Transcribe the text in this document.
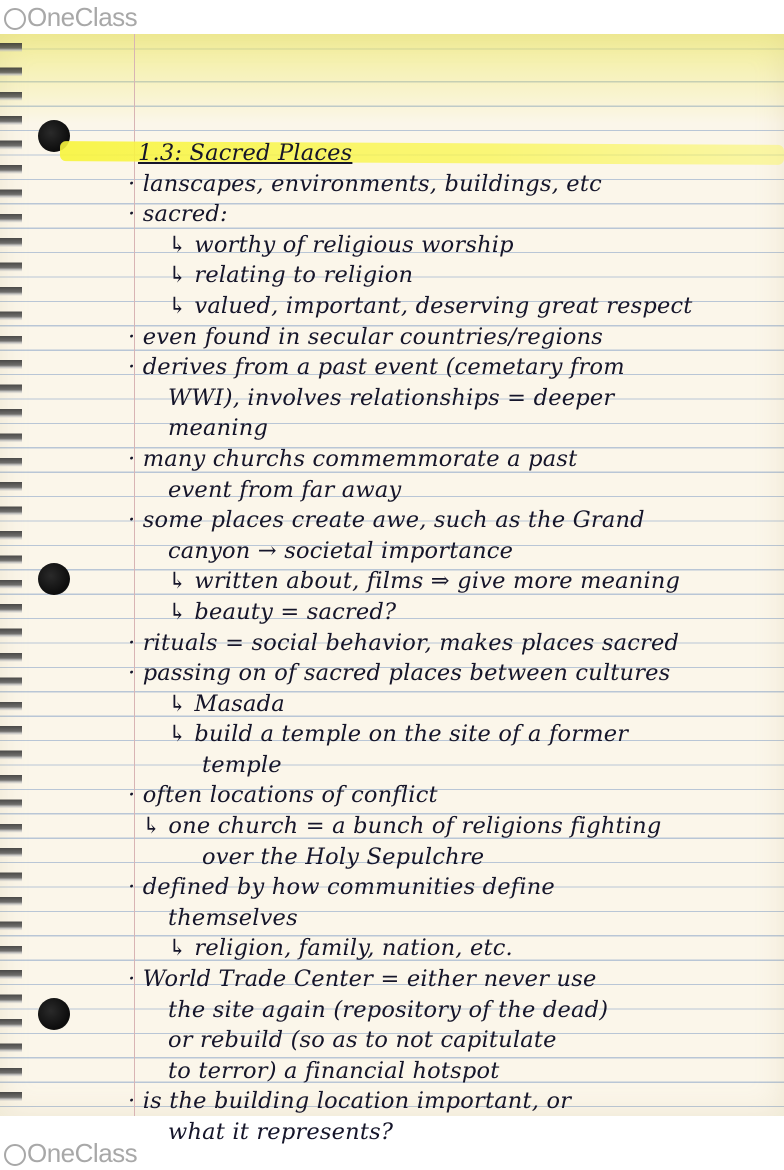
OneClass
1.3: Sacred Places
· lanscapes, environments, buildings, etc
· sacred:
↳ worthy of religious worship
↳ relating to religion
↳ valued, important, deserving great respect
· even found in secular countries/regions
· derives from a past event (cemetary from
WWI), involves relationships = deeper
meaning
· many churchs commemmorate a past
event from far away
· some places create awe, such as the Grand
canyon → societal importance
↳ written about, films ⇒ give more meaning
↳ beauty = sacred?
· rituals = social behavior, makes places sacred
· passing on of sacred places between cultures
↳ Masada
↳ build a temple on the site of a former
temple
· often locations of conflict
↳ one church = a bunch of religions fighting
over the Holy Sepulchre
· defined by how communities define
themselves
↳ religion, family, nation, etc.
· World Trade Center = either never use
the site again (repository of the dead)
or rebuild (so as to not capitulate
to terror) a financial hotspot
· is the building location important, or
what it represents?
OneClass
